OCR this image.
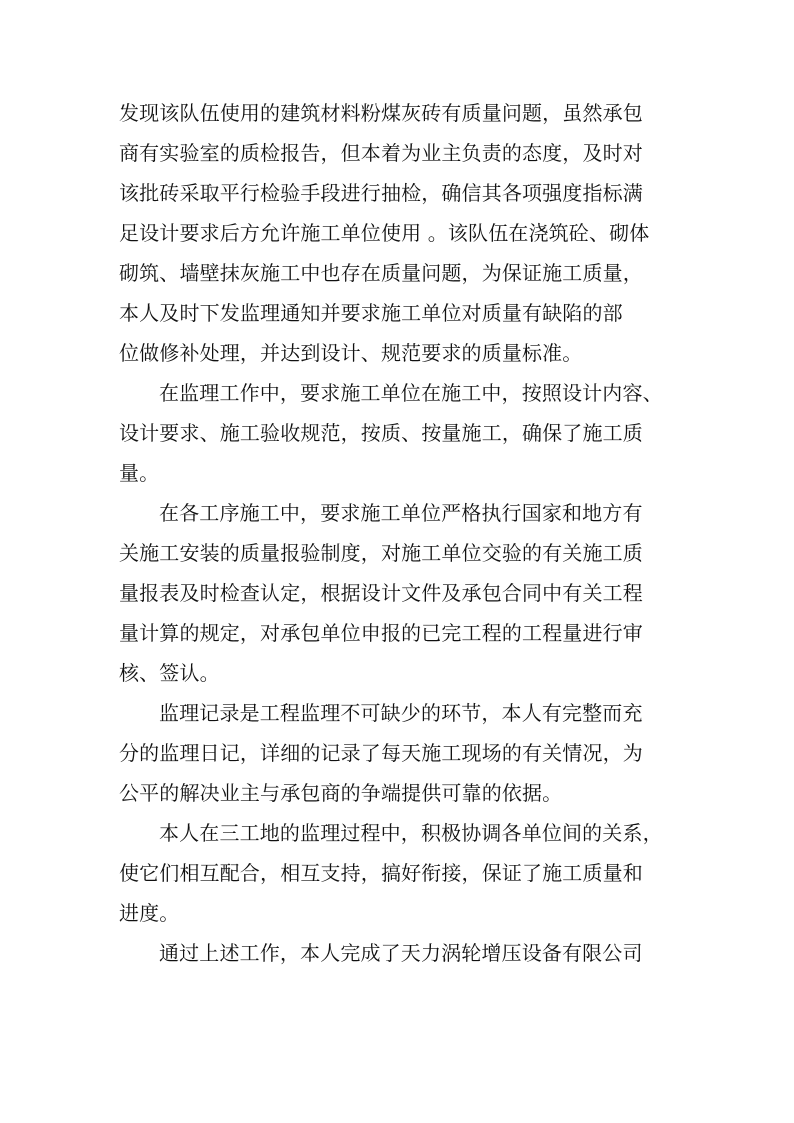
发现该队伍使用的建筑材料粉煤灰砖有质量问题，虽然承包
商有实验室的质检报告，但本着为业主负责的态度，及时对
该批砖采取平行检验手段进行抽检，确信其各项强度指标满
足设计要求后方允许施工单位使用 。该队伍在浇筑砼、砌体
砌筑、墙壁抹灰施工中也存在质量问题，为保证施工质量，
本人及时下发监理通知并要求施工单位对质量有缺陷的部
位做修补处理，并达到设计、规范要求的质量标准。
在监理工作中，要求施工单位在施工中，按照设计内容、
设计要求、施工验收规范，按质、按量施工，确保了施工质
量。
在各工序施工中，要求施工单位严格执行国家和地方有
关施工安装的质量报验制度，对施工单位交验的有关施工质
量报表及时检查认定，根据设计文件及承包合同中有关工程
量计算的规定，对承包单位申报的已完工程的工程量进行审
核、签认。
监理记录是工程监理不可缺少的环节，本人有完整而充
分的监理日记，详细的记录了每天施工现场的有关情况，为
公平的解决业主与承包商的争端提供可靠的依据。
本人在三工地的监理过程中，积极协调各单位间的关系，
使它们相互配合，相互支持，搞好衔接，保证了施工质量和
进度。
通过上述工作，本人完成了天力涡轮增压设备有限公司
